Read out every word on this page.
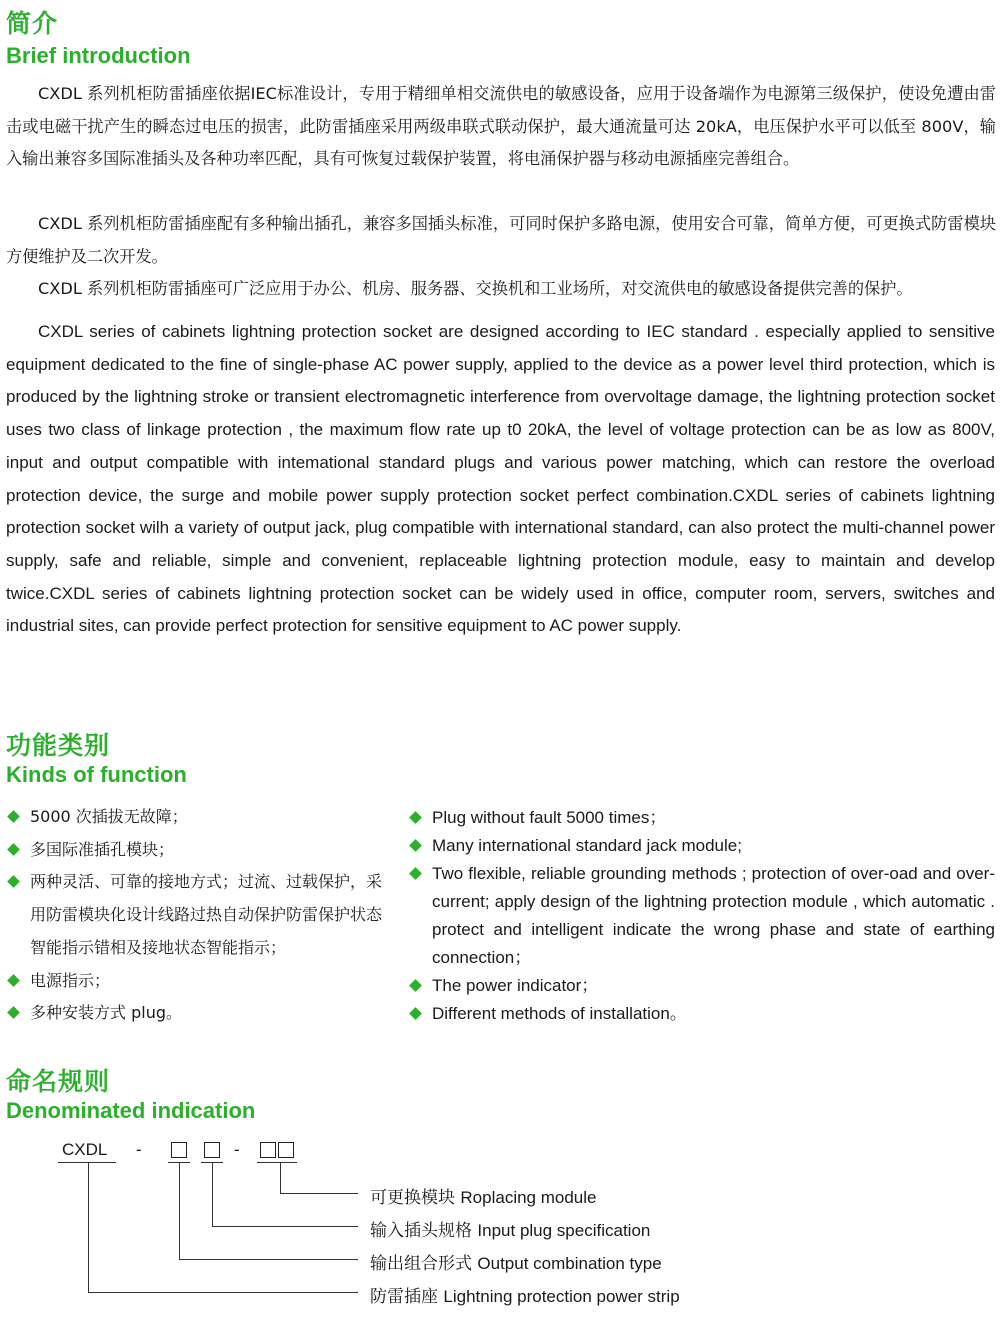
简介
Brief introduction
CXDL 系列机柜防雷插座依据IEC标准设计，专用于精细单相交流供电的敏感设备，应用于设备端作为电源第三级保护，使设免遭由雷击或电磁干扰产生的瞬态过电压的损害，此防雷插座采用两级串联式联动保护，最大通流量可达 20kA，电压保护水平可以低至 800V，输入输出兼容多国际准插头及各种功率匹配，具有可恢复过载保护装置，将电涌保护器与移动电源插座完善组合。
CXDL 系列机柜防雷插座配有多种输出插孔，兼容多国插头标准，可同时保护多路电源，使用安合可靠，简单方便，可更换式防雷模块方便维护及二次开发。
CXDL 系列机柜防雷插座可广泛应用于办公、机房、服务器、交换机和工业场所，对交流供电的敏感设备提供完善的保护。
CXDL series of cabinets lightning protection socket are designed according to IEC standard . especially applied to sensitive equipment dedicated to the fine of single-phase AC power supply, applied to the device as a power level third protection, which is produced by the lightning stroke or transient electromagnetic interference from overvoltage damage, the lightning protection socket uses two class of linkage protection , the maximum flow rate up t0 20kA, the level of voltage protection can be as low as 800V, input and output compatible with intemational standard plugs and various power matching, which can restore the overload protection device, the surge and mobile power supply protection socket perfect combination.CXDL series of cabinets lightning protection socket wilh a variety of output jack, plug compatible with international standard, can also protect the multi-channel power supply, safe and reliable, simple and convenient, replaceable lightning protection module, easy to maintain and develop twice.CXDL series of cabinets lightning protection socket can be widely used in office, computer room, servers, switches and industrial sites, can provide perfect protection for sensitive equipment to AC power supply.
功能类别
Kinds of function
5000 次插拔无故障；
多国际准插孔模块；
两种灵活、可靠的接地方式；过流、过载保护，采用防雷模块化设计线路过热自动保护防雷保护状态智能指示错相及接地状态智能指示；
电源指示；
多种安装方式 plug。
Plug without fault 5000 times；
Many international standard jack module;
Two flexible, reliable grounding methods ; protection of over-oad and over-current; apply design of the lightning protection module , which automatic . protect and intelligent indicate the wrong phase and state of earthing connection；
The power indicator；
Different methods of installation。
命名规则
Denominated indication
CXDL -	-
可更换模块 Roplacing module
输入插头规格 Input plug specification
输出组合形式 Output combination type
防雷插座 Lightning protection power strip
